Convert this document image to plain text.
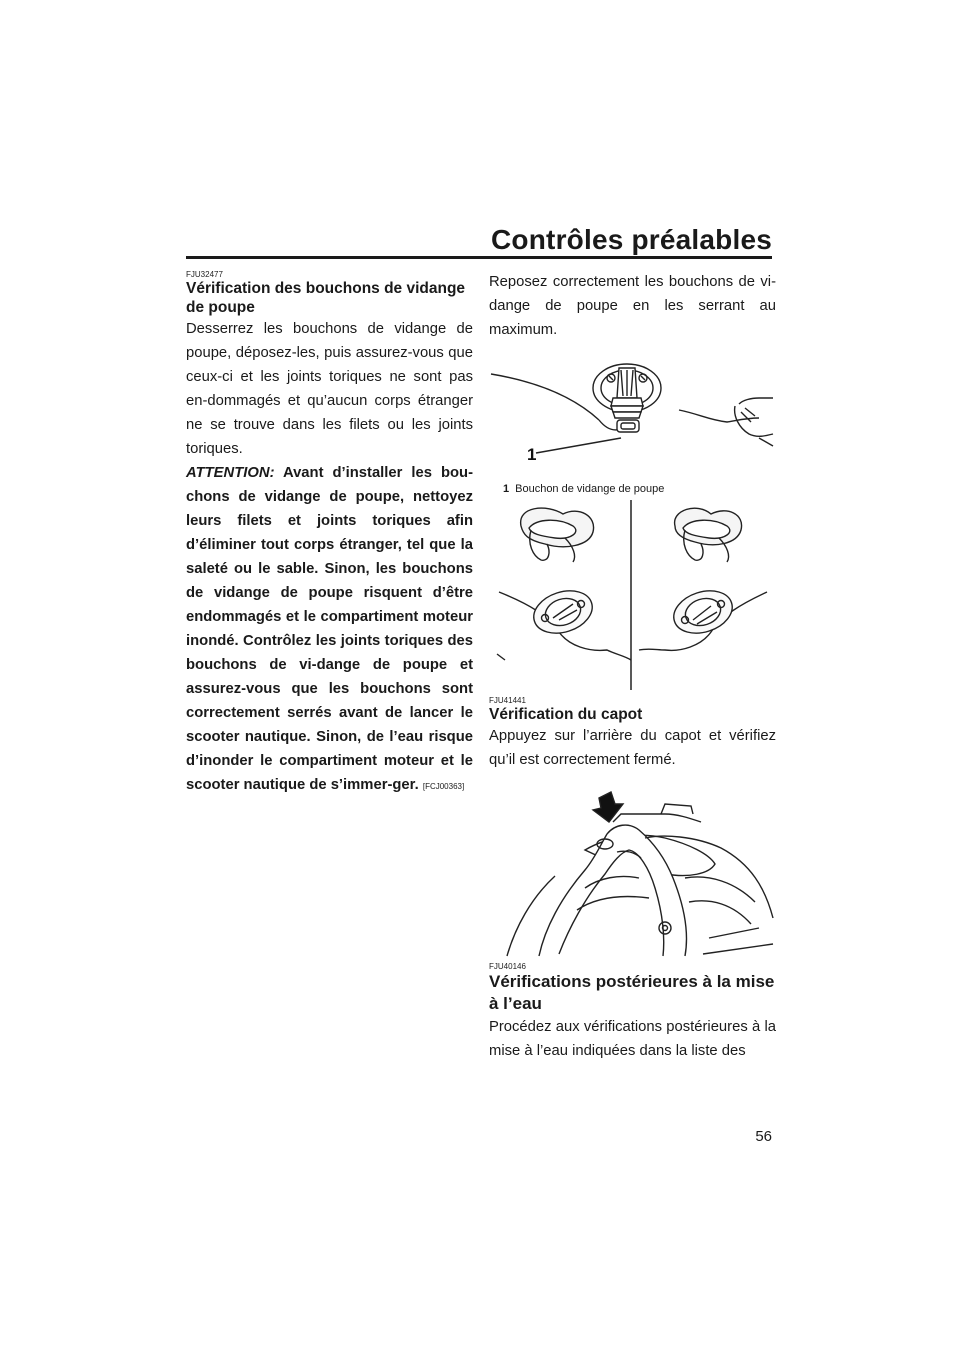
Contrôles préalables

FJU32477

Vérification des bouchons de vidange de poupe

Desserrez les bouchons de vidange de poupe, déposez-les, puis assurez-vous que ceux-ci et les joints toriques ne sont pas en-dommagés et qu’aucun corps étranger ne se trouve dans les filets ou les joints toriques.

ATTENTION: Avant d’installer les bou-chons de vidange de poupe, nettoyez leurs filets et joints toriques afin d’éliminer tout corps étranger, tel que la saleté ou le sable. Sinon, les bouchons de vidange de poupe risquent d’être endommagés et le compartiment moteur inondé. Contrôlez les joints toriques des bouchons de vi-dange de poupe et assurez-vous que les bouchons sont correctement serrés avant de lancer le scooter nautique. Sinon, de l’eau risque d’inonder le compartiment moteur et le scooter nautique de s’immer-ger. [FCJ00363]

Reposez correctement les bouchons de vi-dange de poupe en les serrant au maximum.

1

1 Bouchon de vidange de poupe

FJU41441

Vérification du capot

Appuyez sur l’arrière du capot et vérifiez qu’il est correctement fermé.

FJU40146

Vérifications postérieures à la mise à l’eau

Procédez aux vérifications postérieures à la mise à l’eau indiquées dans la liste des

56
